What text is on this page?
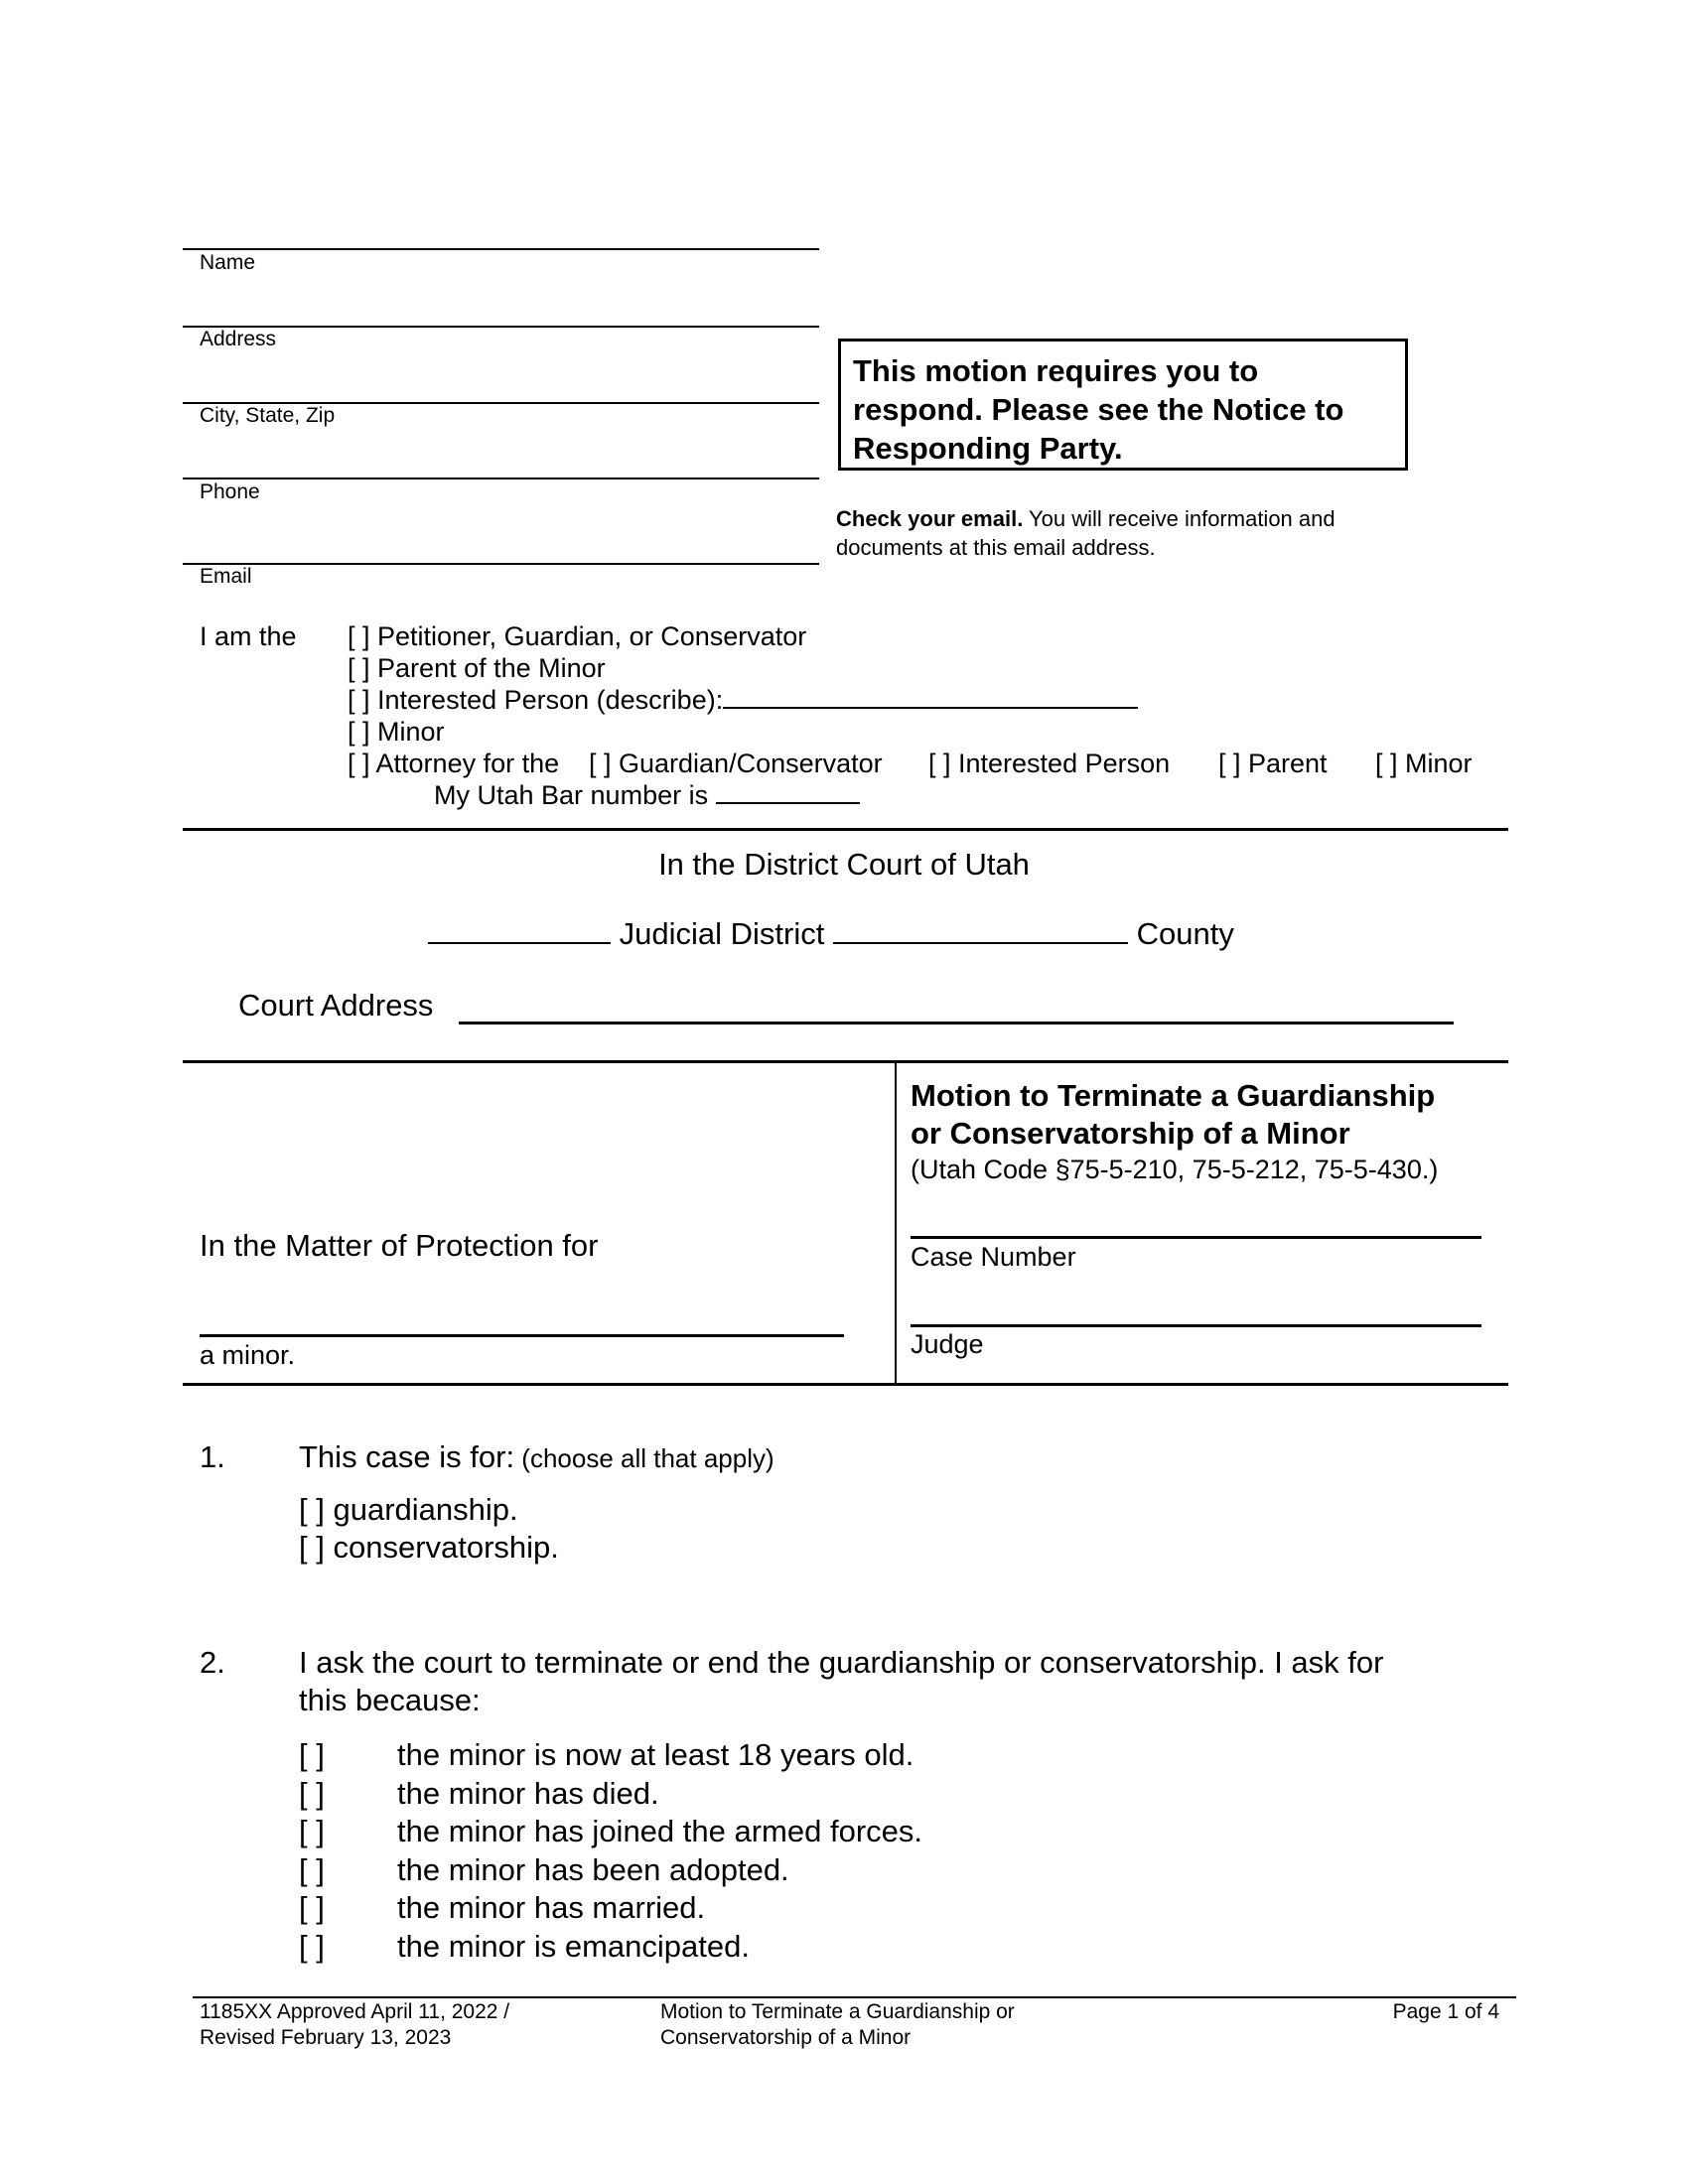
Name
Address
City, State, Zip
Phone
Email
This motion requires you to respond. Please see the Notice to Responding Party.
Check your email. You will receive information and documents at this email address.
I am the [ ] Petitioner, Guardian, or Conservator
[ ] Parent of the Minor
[ ] Interested Person (describe):
[ ] Minor
[ ] Attorney for the [ ] Guardian/Conservator [ ] Interested Person [ ] Parent [ ] Minor
My Utah Bar number is
In the District Court of Utah
Judicial District	County
Court Address
In the Matter of Protection for
a minor.
Motion to Terminate a Guardianship
or Conservatorship of a Minor
(Utah Code §75-5-210, 75-5-212, 75-5-430.)
Case Number
Judge
1. This case is for: (choose all that apply)
[ ] guardianship.
[ ] conservatorship.
2. I ask the court to terminate or end the guardianship or conservatorship. I ask for
this because:
[ ] the minor is now at least 18 years old.
[ ] the minor has died.
[ ] the minor has joined the armed forces.
[ ] the minor has been adopted.
[ ] the minor has married.
[ ] the minor is emancipated.
1185XX Approved April 11, 2022 /
Revised February 13, 2023
Motion to Terminate a Guardianship or
Conservatorship of a Minor
Page 1 of 4
